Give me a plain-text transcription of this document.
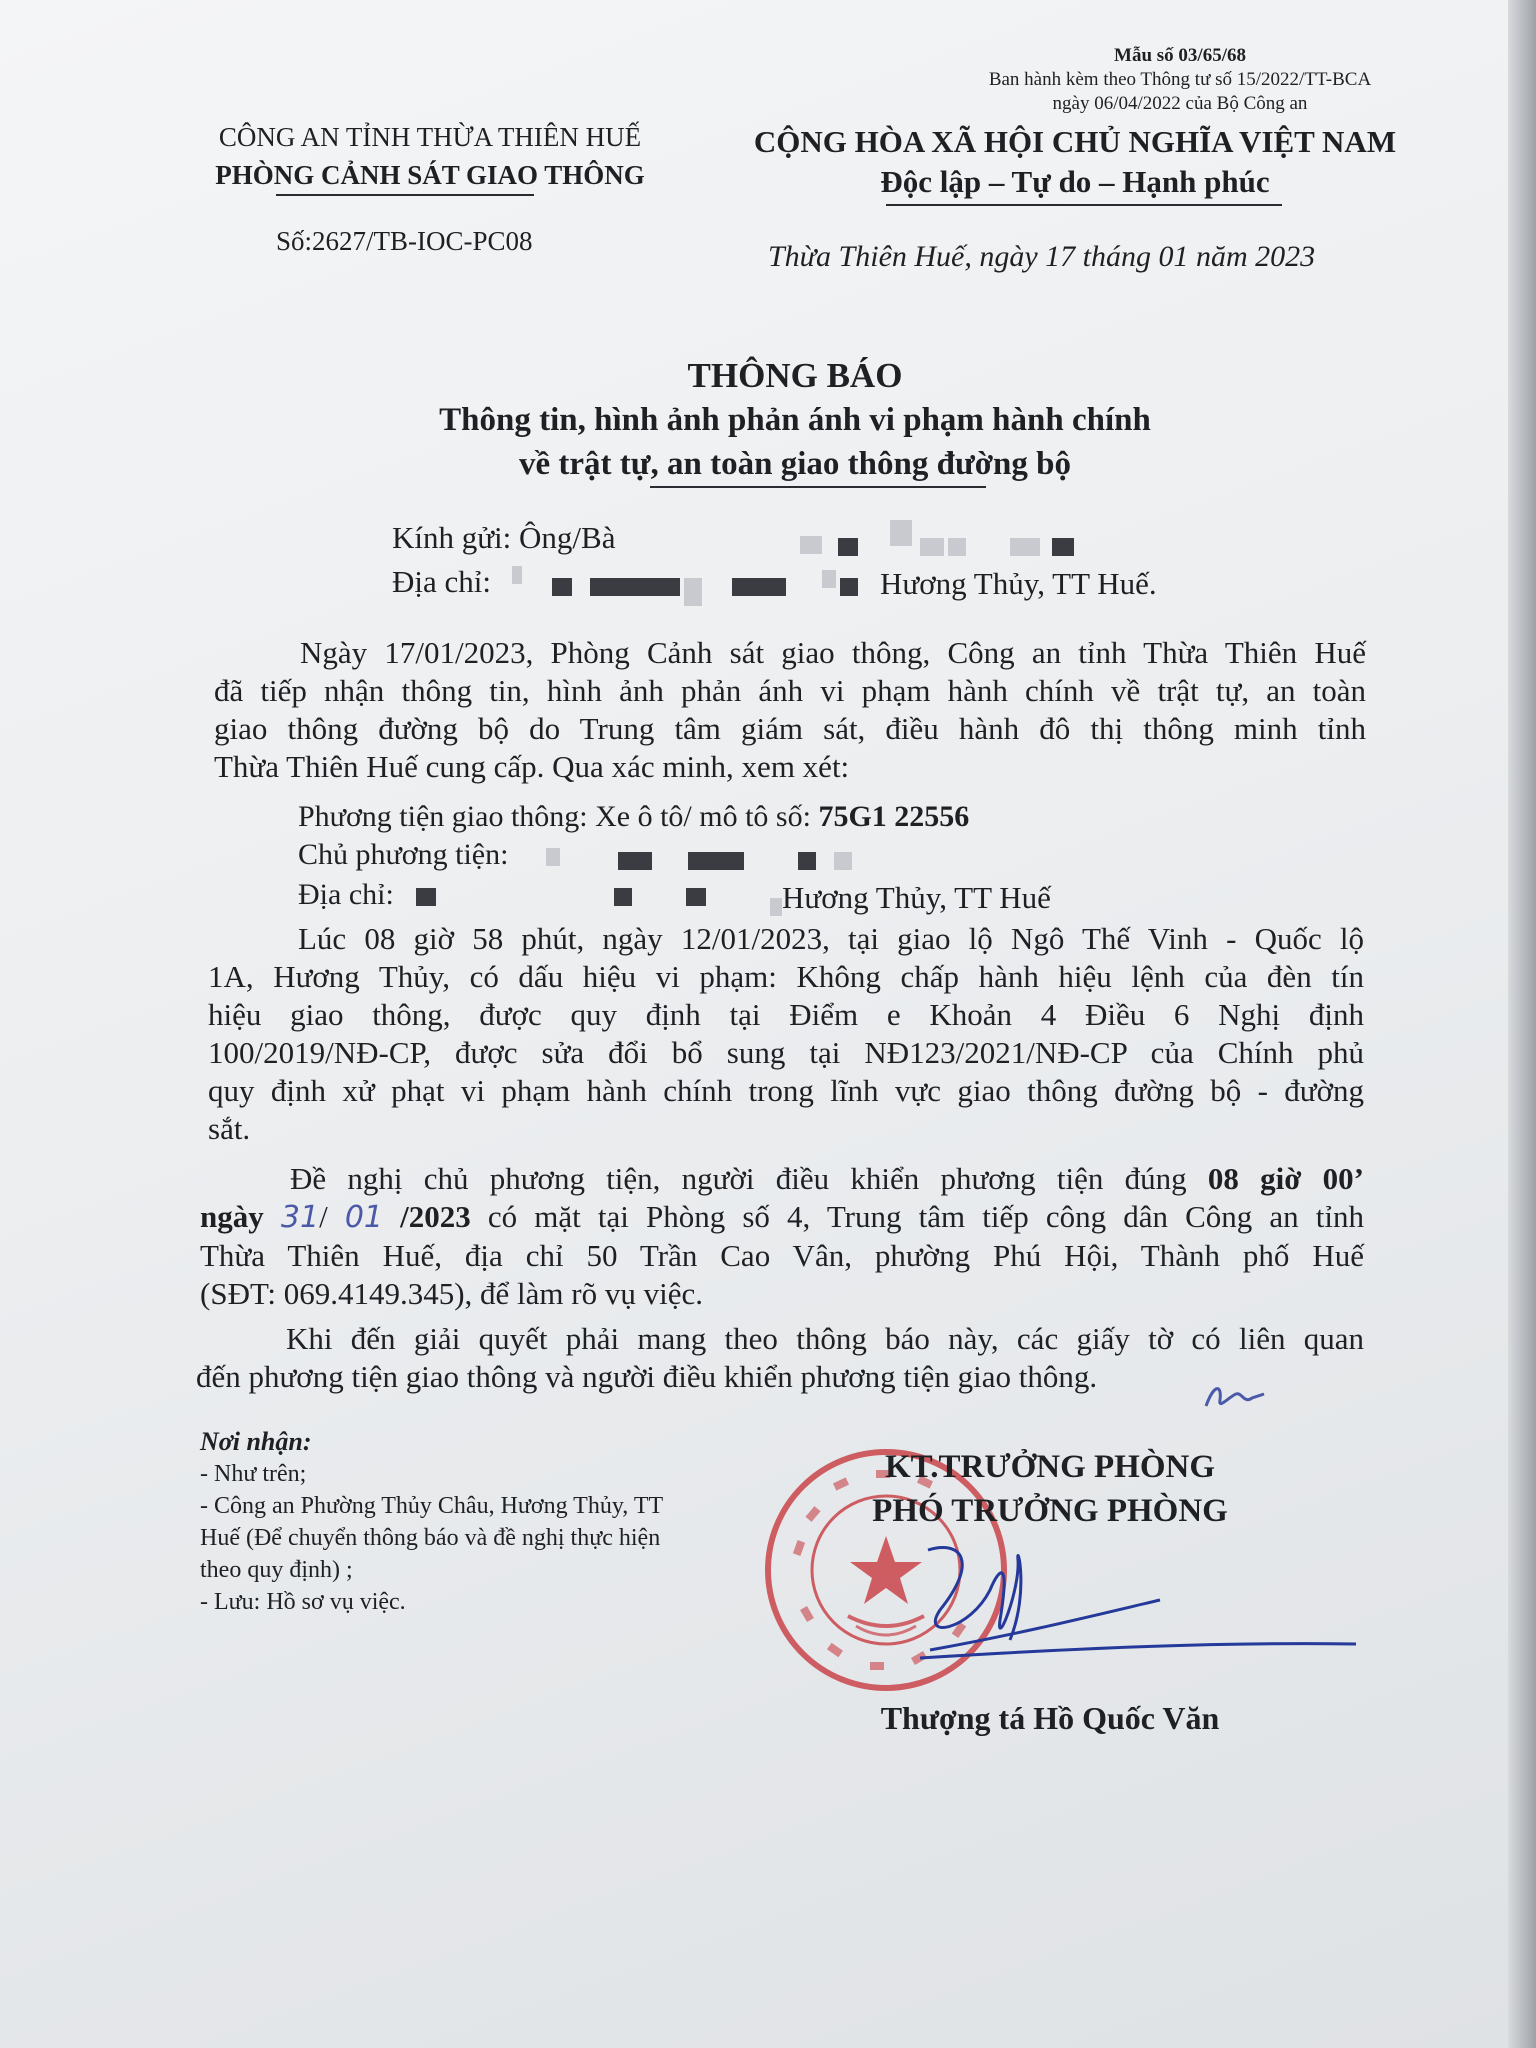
Mẫu số 03/65/68
Ban hành kèm theo Thông tư số 15/2022/TT-BCA
ngày 06/04/2022 của Bộ Công an
CÔNG AN TỈNH THỪA THIÊN HUẾ
PHÒNG CẢNH SÁT GIAO THÔNG
Số:2627/TB-IOC-PC08
CỘNG HÒA XÃ HỘI CHỦ NGHĨA VIỆT NAM
Độc lập – Tự do – Hạnh phúc
Thừa Thiên Huế, ngày 17 tháng 01 năm 2023
THÔNG BÁO
Thông tin, hình ảnh phản ánh vi phạm hành chính
về trật tự, an toàn giao thông đường bộ
Kính gửi: Ông/Bà
Địa chỉ:	Hương Thủy, TT Huế.

Ngày 17/01/2023, Phòng Cảnh sát giao thông, Công an tỉnh Thừa Thiên Huế

đã tiếp nhận thông tin, hình ảnh phản ánh vi phạm hành chính về trật tự, an toàn

giao thông đường bộ do Trung tâm giám sát, điều hành đô thị thông minh tỉnh

Thừa Thiên Huế cung cấp. Qua xác minh, xem xét:

Phương tiện giao thông: Xe ô tô/ mô tô số: 75G1 22556
Chủ phương tiện:
Địa chỉ:	Hương Thủy, TT Huế

Lúc 08 giờ 58 phút, ngày 12/01/2023, tại giao lộ Ngô Thế Vinh - Quốc lộ

1A, Hương Thủy, có dấu hiệu vi phạm: Không chấp hành hiệu lệnh của đèn tín

hiệu giao thông, được quy định tại Điểm e Khoản 4 Điều 6 Nghị định

100/2019/NĐ-CP, được sửa đổi bổ sung tại NĐ123/2021/NĐ-CP của Chính phủ

quy định xử phạt vi phạm hành chính trong lĩnh vực giao thông đường bộ - đường

sắt.

Đề nghị chủ phương tiện, người điều khiển phương tiện đúng 08 giờ 00’

ngày 31/ 01 /2023 có mặt tại Phòng số 4, Trung tâm tiếp công dân Công an tỉnh

Thừa Thiên Huế, địa chỉ 50 Trần Cao Vân, phường Phú Hội, Thành phố Huế

(SĐT: 069.4149.345), để làm rõ vụ việc.

Khi đến giải quyết phải mang theo thông báo này, các giấy tờ có liên quan

đến phương tiện giao thông và người điều khiển phương tiện giao thông.

Nơi nhận:
- Như trên;
- Công an Phường Thủy Châu, Hương Thủy, TT
Huế (Để chuyển thông báo và đề nghị thực hiện
theo quy định) ;
- Lưu: Hồ sơ vụ việc.
KT.TRƯỞNG PHÒNG
PHÓ TRƯỞNG PHÒNG
Thượng tá Hồ Quốc Văn
